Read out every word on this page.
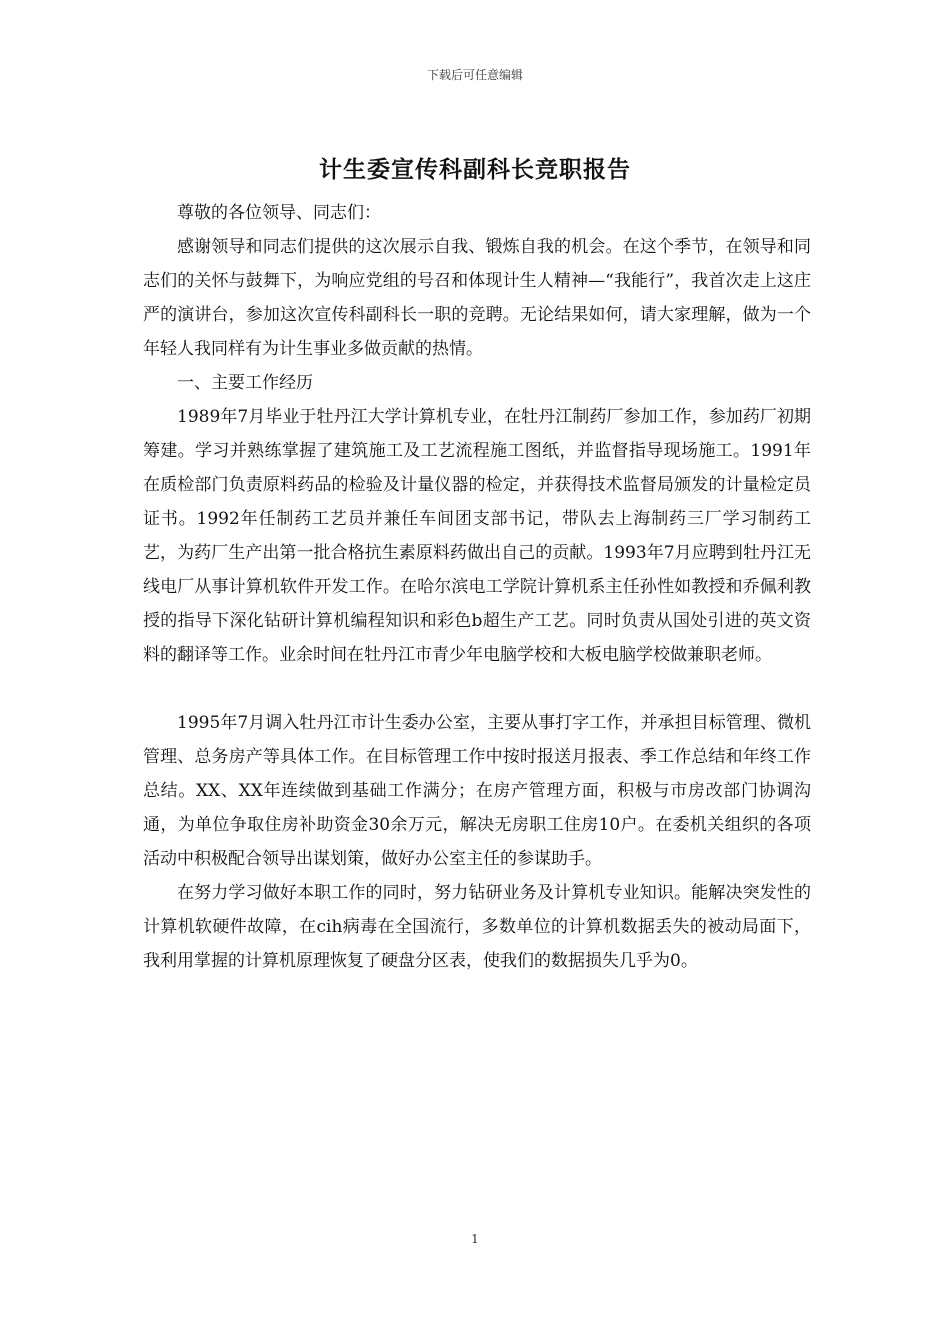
下载后可任意编辑
计生委宣传科副科长竞职报告

尊敬的各位领导、同志们：

感谢领导和同志们提供的这次展示自我、锻炼自我的机会。在这个季节，在领导和同志们的关怀与鼓舞下，为响应党组的号召和体现计生人精神—“我能行”，我首次走上这庄严的演讲台，参加这次宣传科副科长一职的竞聘。无论结果如何，请大家理解，做为一个年轻人我同样有为计生事业多做贡献的热情。

一、主要工作经历

1989年7月毕业于牡丹江大学计算机专业，在牡丹江制药厂参加工作，参加药厂初期筹建。学习并熟练掌握了建筑施工及工艺流程施工图纸，并监督指导现场施工。1991年在质检部门负责原料药品的检验及计量仪器的检定，并获得技术监督局颁发的计量检定员证书。1992年任制药工艺员并兼任车间团支部书记，带队去上海制药三厂学习制药工艺，为药厂生产出第一批合格抗生素原料药做出自己的贡献。1993年7月应聘到牡丹江无线电厂从事计算机软件开发工作。在哈尔滨电工学院计算机系主任孙性如教授和乔佩利教授的指导下深化钻研计算机编程知识和彩色b超生产工艺。同时负责从国处引进的英文资料的翻译等工作。业余时间在牡丹江市青少年电脑学校和大板电脑学校做兼职老师。

1995年7月调入牡丹江市计生委办公室，主要从事打字工作，并承担目标管理、微机管理、总务房产等具体工作。在目标管理工作中按时报送月报表、季工作总结和年终工作总结。XX、XX年连续做到基础工作满分；在房产管理方面，积极与市房改部门协调沟通，为单位争取住房补助资金30余万元，解决无房职工住房10户。在委机关组织的各项活动中积极配合领导出谋划策，做好办公室主任的参谋助手。

在努力学习做好本职工作的同时，努力钻研业务及计算机专业知识。能解决突发性的计算机软硬件故障，在cih病毒在全国流行，多数单位的计算机数据丢失的被动局面下，我利用掌握的计算机原理恢复了硬盘分区表，使我们的数据损失几乎为0。

1
